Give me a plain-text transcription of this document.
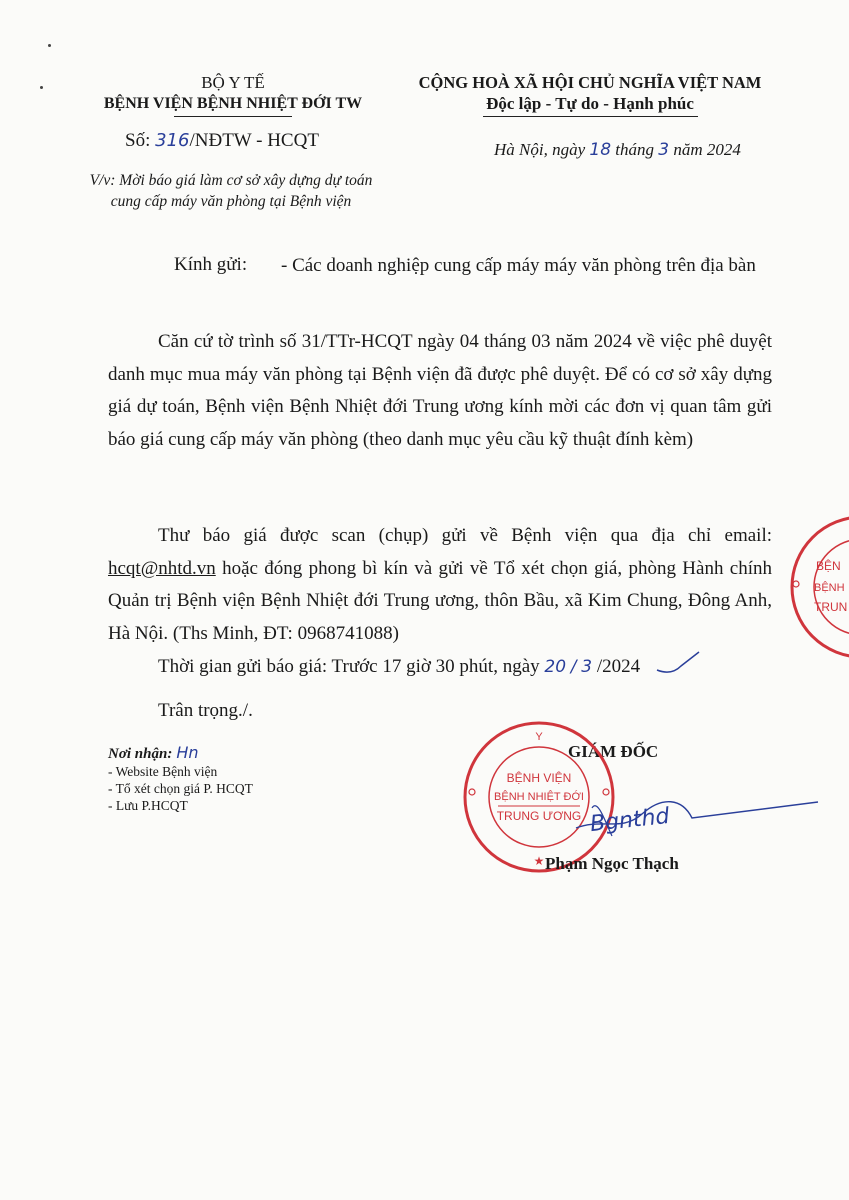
BỘ Y TẾ
BỆNH VIỆN BỆNH NHIỆT ĐỚI TW
Số: 316/NĐTW - HCQT
V/v: Mời báo giá làm cơ sở xây dựng dự toán
cung cấp máy văn phòng tại Bệnh viện
CỘNG HOÀ XÃ HỘI CHỦ NGHĨA VIỆT NAM
Độc lập - Tự do - Hạnh phúc
Hà Nội, ngày 18 tháng 3 năm 2024
Kính gửi: - Các doanh nghiệp cung cấp máy máy văn phòng trên địa bàn
Căn cứ tờ trình số 31/TTr-HCQT ngày 04 tháng 03 năm 2024 về việc phê duyệt danh mục mua máy văn phòng tại Bệnh viện đã được phê duyệt. Để có cơ sở xây dựng giá dự toán, Bệnh viện Bệnh Nhiệt đới Trung ương kính mời các đơn vị quan tâm gửi báo giá cung cấp máy văn phòng (theo danh mục yêu cầu kỹ thuật đính kèm)
Thư báo giá được scan (chụp) gửi về Bệnh viện qua địa chỉ email: hcqt@nhtd.vn hoặc đóng phong bì kín và gửi về Tổ xét chọn giá, phòng Hành chính Quản trị Bệnh viện Bệnh Nhiệt đới Trung ương, thôn Bầu, xã Kim Chung, Đông Anh, Hà Nội. (Ths Minh, ĐT: 0968741088)
Thời gian gửi báo giá: Trước 17 giờ 30 phút, ngày 20 / 3 /2024
Trân trọng./.
Nơi nhận: Hn
- Website Bệnh viện
- Tổ xét chọn giá P. HCQT
- Lưu P.HCQT
GIÁM ĐỐC
Y
BỆNH VIỆN
BỆNH NHIỆT ĐỚI
TRUNG ƯƠNG
★
Bgnthd
Phạm Ngọc Thạch
BỆN
BỆNH
TRUN
